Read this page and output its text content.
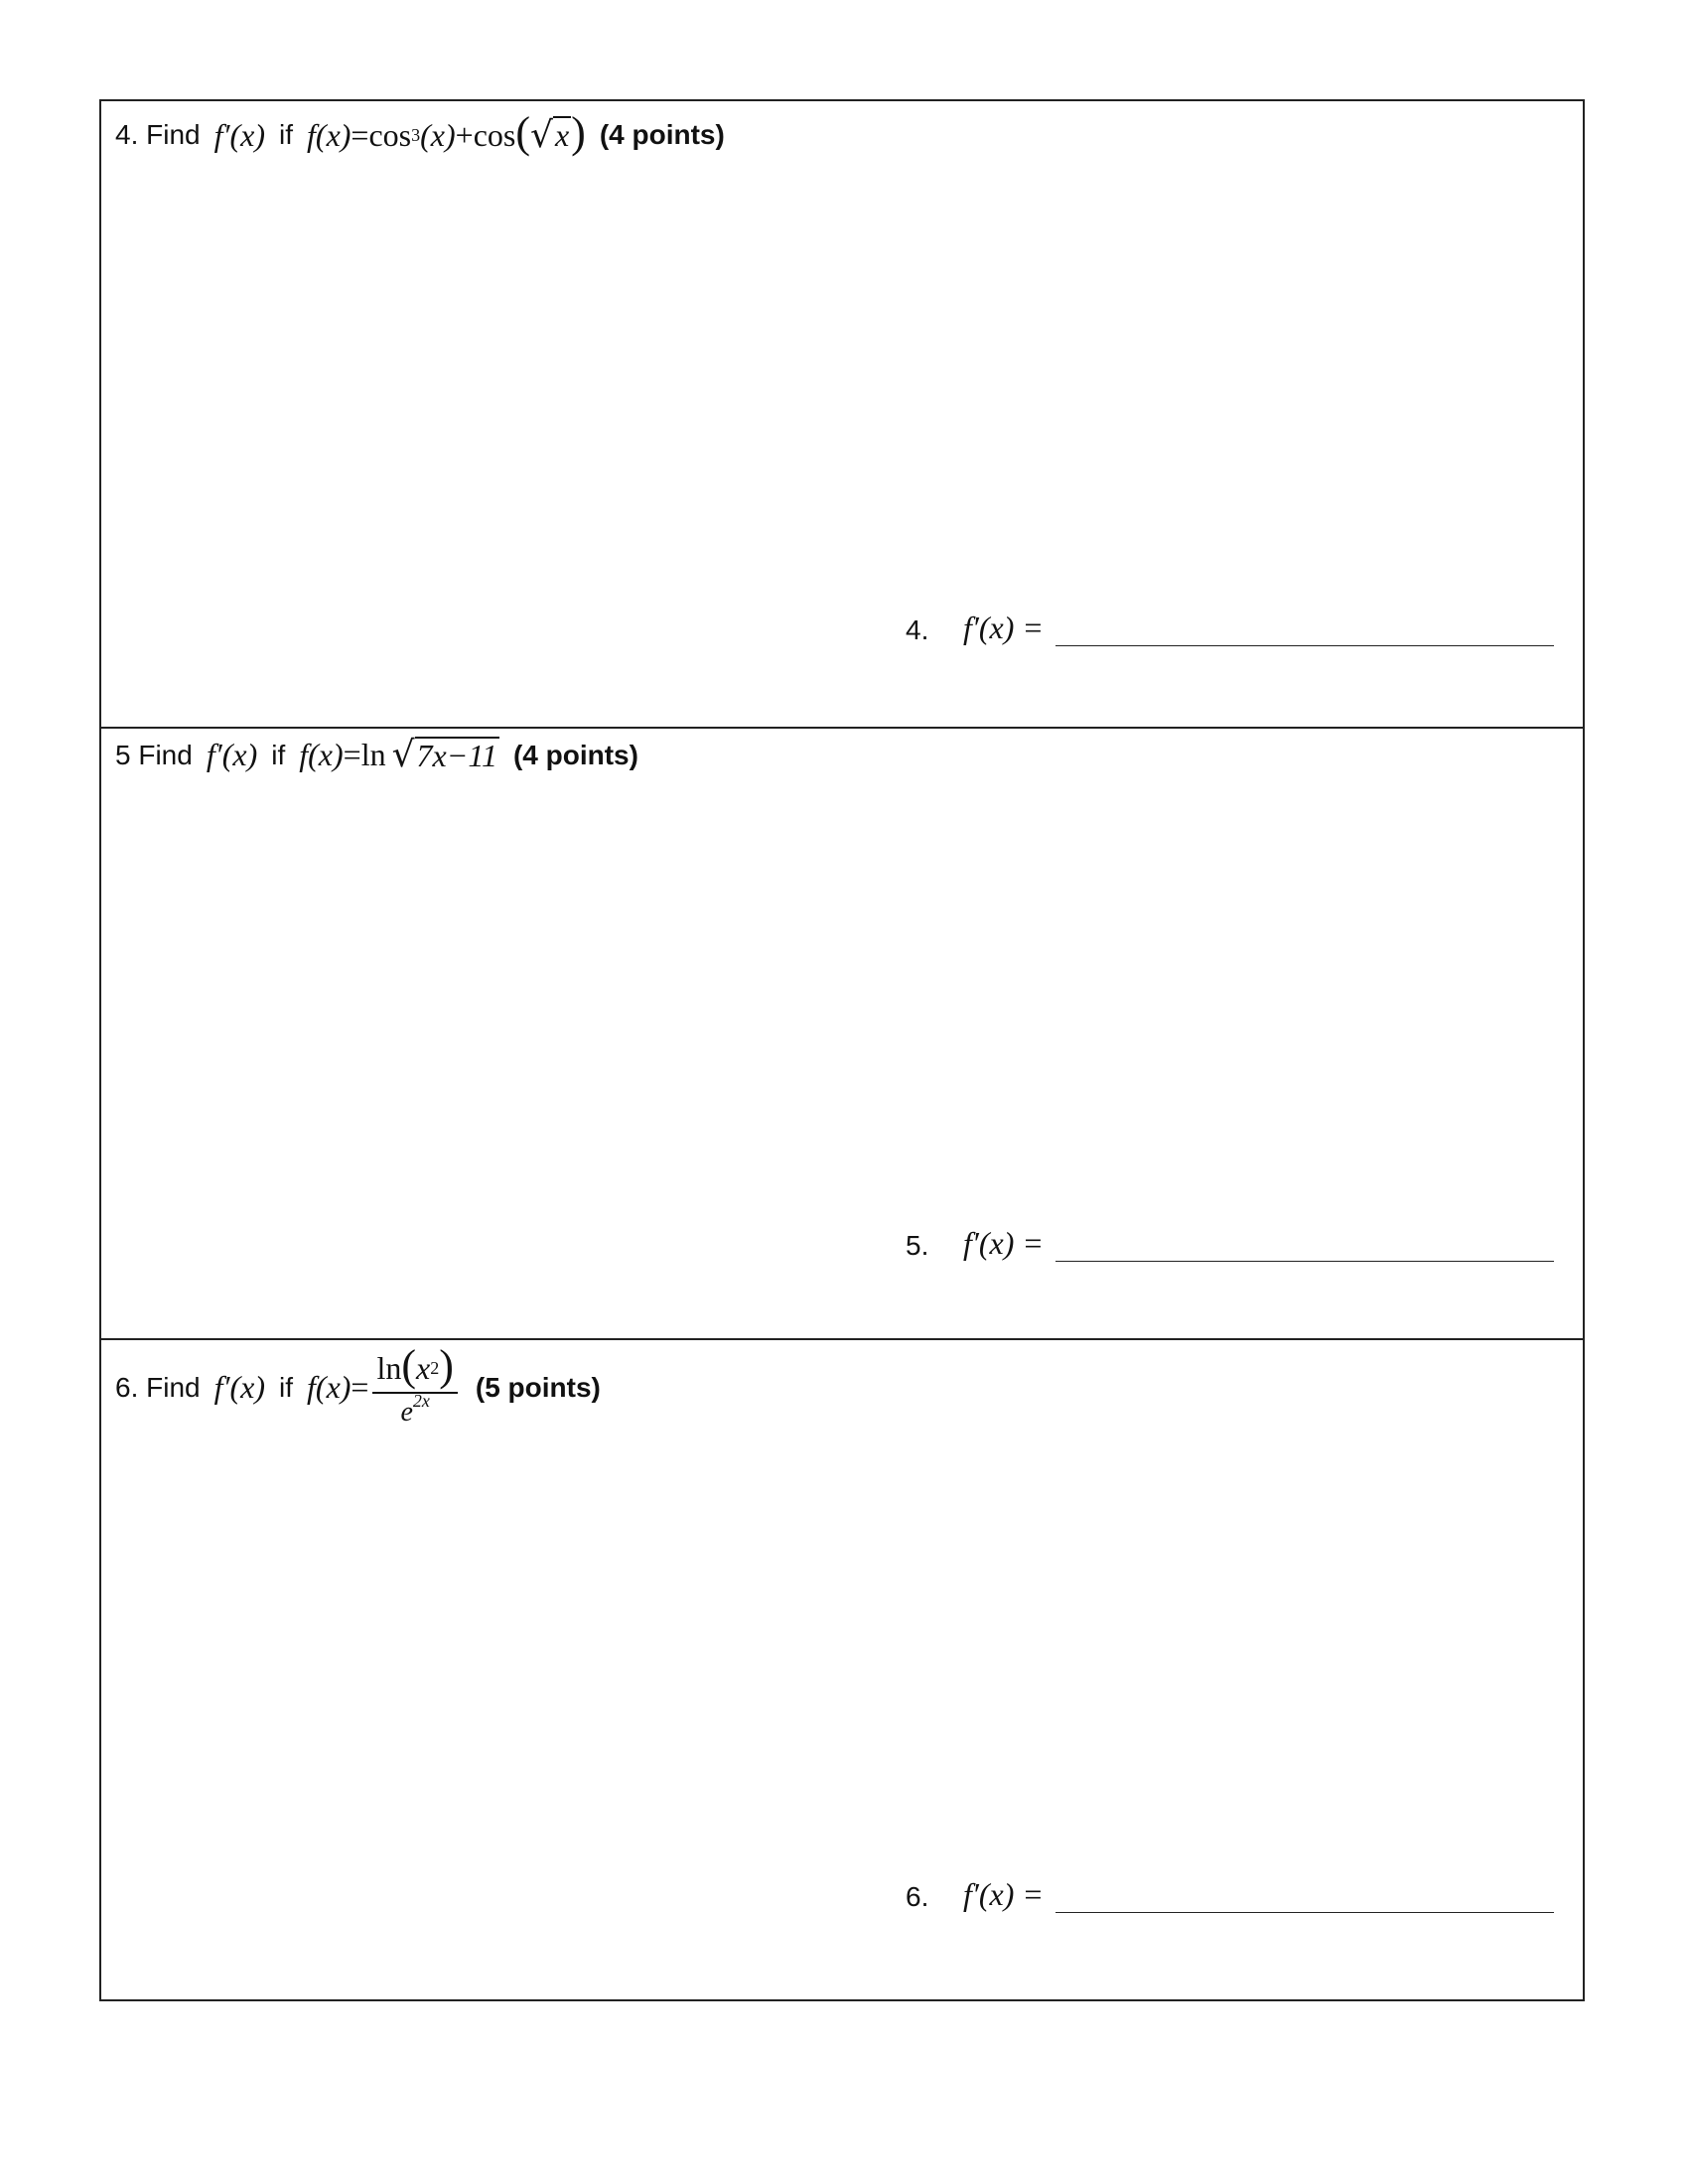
4. Find f′(x) if f(x) = cos 3 (x) + cos ( √ x ) (4 points)
4.	f′(x) =
5 Find f′(x) if f(x) = ln √ 7x−11 (4 points)
5.	f′(x) =
6. Find f′(x) if $f(x) = \frac{\ln ( x 2 )}{e^{2x}} (5$ points)
6.	f′(x) =
